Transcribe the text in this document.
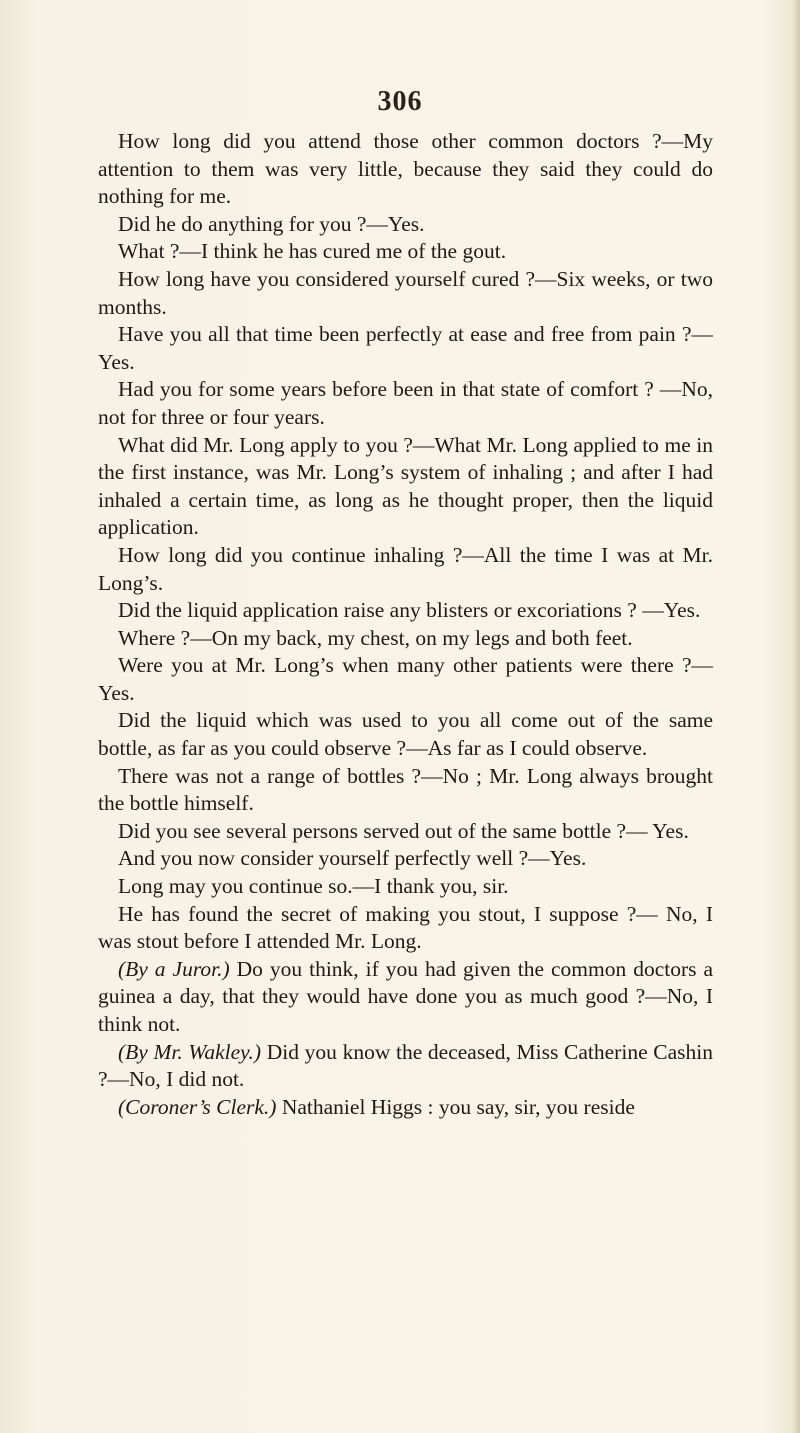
306

How long did you attend those other common doctors ?—My attention to them was very little, because they said they could do nothing for me.

Did he do anything for you ?—Yes.

What ?—I think he has cured me of the gout.

How long have you considered yourself cured ?—Six weeks, or two months.

Have you all that time been perfectly at ease and free from pain ?—Yes.

Had you for some years before been in that state of comfort ? —No, not for three or four years.

What did Mr. Long apply to you ?—What Mr. Long applied to me in the first instance, was Mr. Long’s system of inhaling ; and after I had inhaled a certain time, as long as he thought proper, then the liquid application.

How long did you continue inhaling ?—All the time I was at Mr. Long’s.

Did the liquid application raise any blisters or excoriations ? —Yes.

Where ?—On my back, my chest, on my legs and both feet.

Were you at Mr. Long’s when many other patients were there ?—Yes.

Did the liquid which was used to you all come out of the same bottle, as far as you could observe ?—As far as I could observe.

There was not a range of bottles ?—No ; Mr. Long always brought the bottle himself.

Did you see several persons served out of the same bottle ?— Yes.

And you now consider yourself perfectly well ?—Yes.

Long may you continue so.—I thank you, sir.

He has found the secret of making you stout, I suppose ?— No, I was stout before I attended Mr. Long.

(By a Juror.) Do you think, if you had given the common doctors a guinea a day, that they would have done you as much good ?—No, I think not.

(By Mr. Wakley.) Did you know the deceased, Miss Catherine Cashin ?—No, I did not.

(Coroner’s Clerk.) Nathaniel Higgs : you say, sir, you reside
